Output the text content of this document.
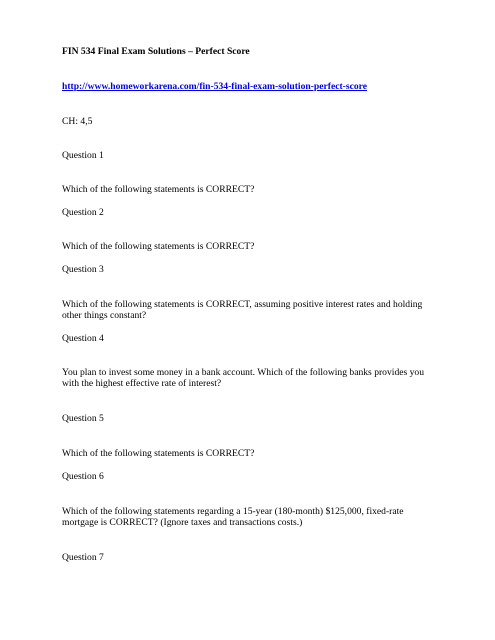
FIN 534 Final Exam Solutions – Perfect Score
http://www.homeworkarena.com/fin-534-final-exam-solution-perfect-score
CH: 4,5
Question 1
Which of the following statements is CORRECT?
Question 2
Which of the following statements is CORRECT?
Question 3
Which of the following statements is CORRECT, assuming positive interest rates and holding other things constant?
Question 4
You plan to invest some money in a bank account. Which of the following banks provides you with the highest effective rate of interest?
Question 5
Which of the following statements is CORRECT?
Question 6
Which of the following statements regarding a 15-year (180-month) $125,000, fixed-rate mortgage is CORRECT? (Ignore taxes and transactions costs.)
Question 7
